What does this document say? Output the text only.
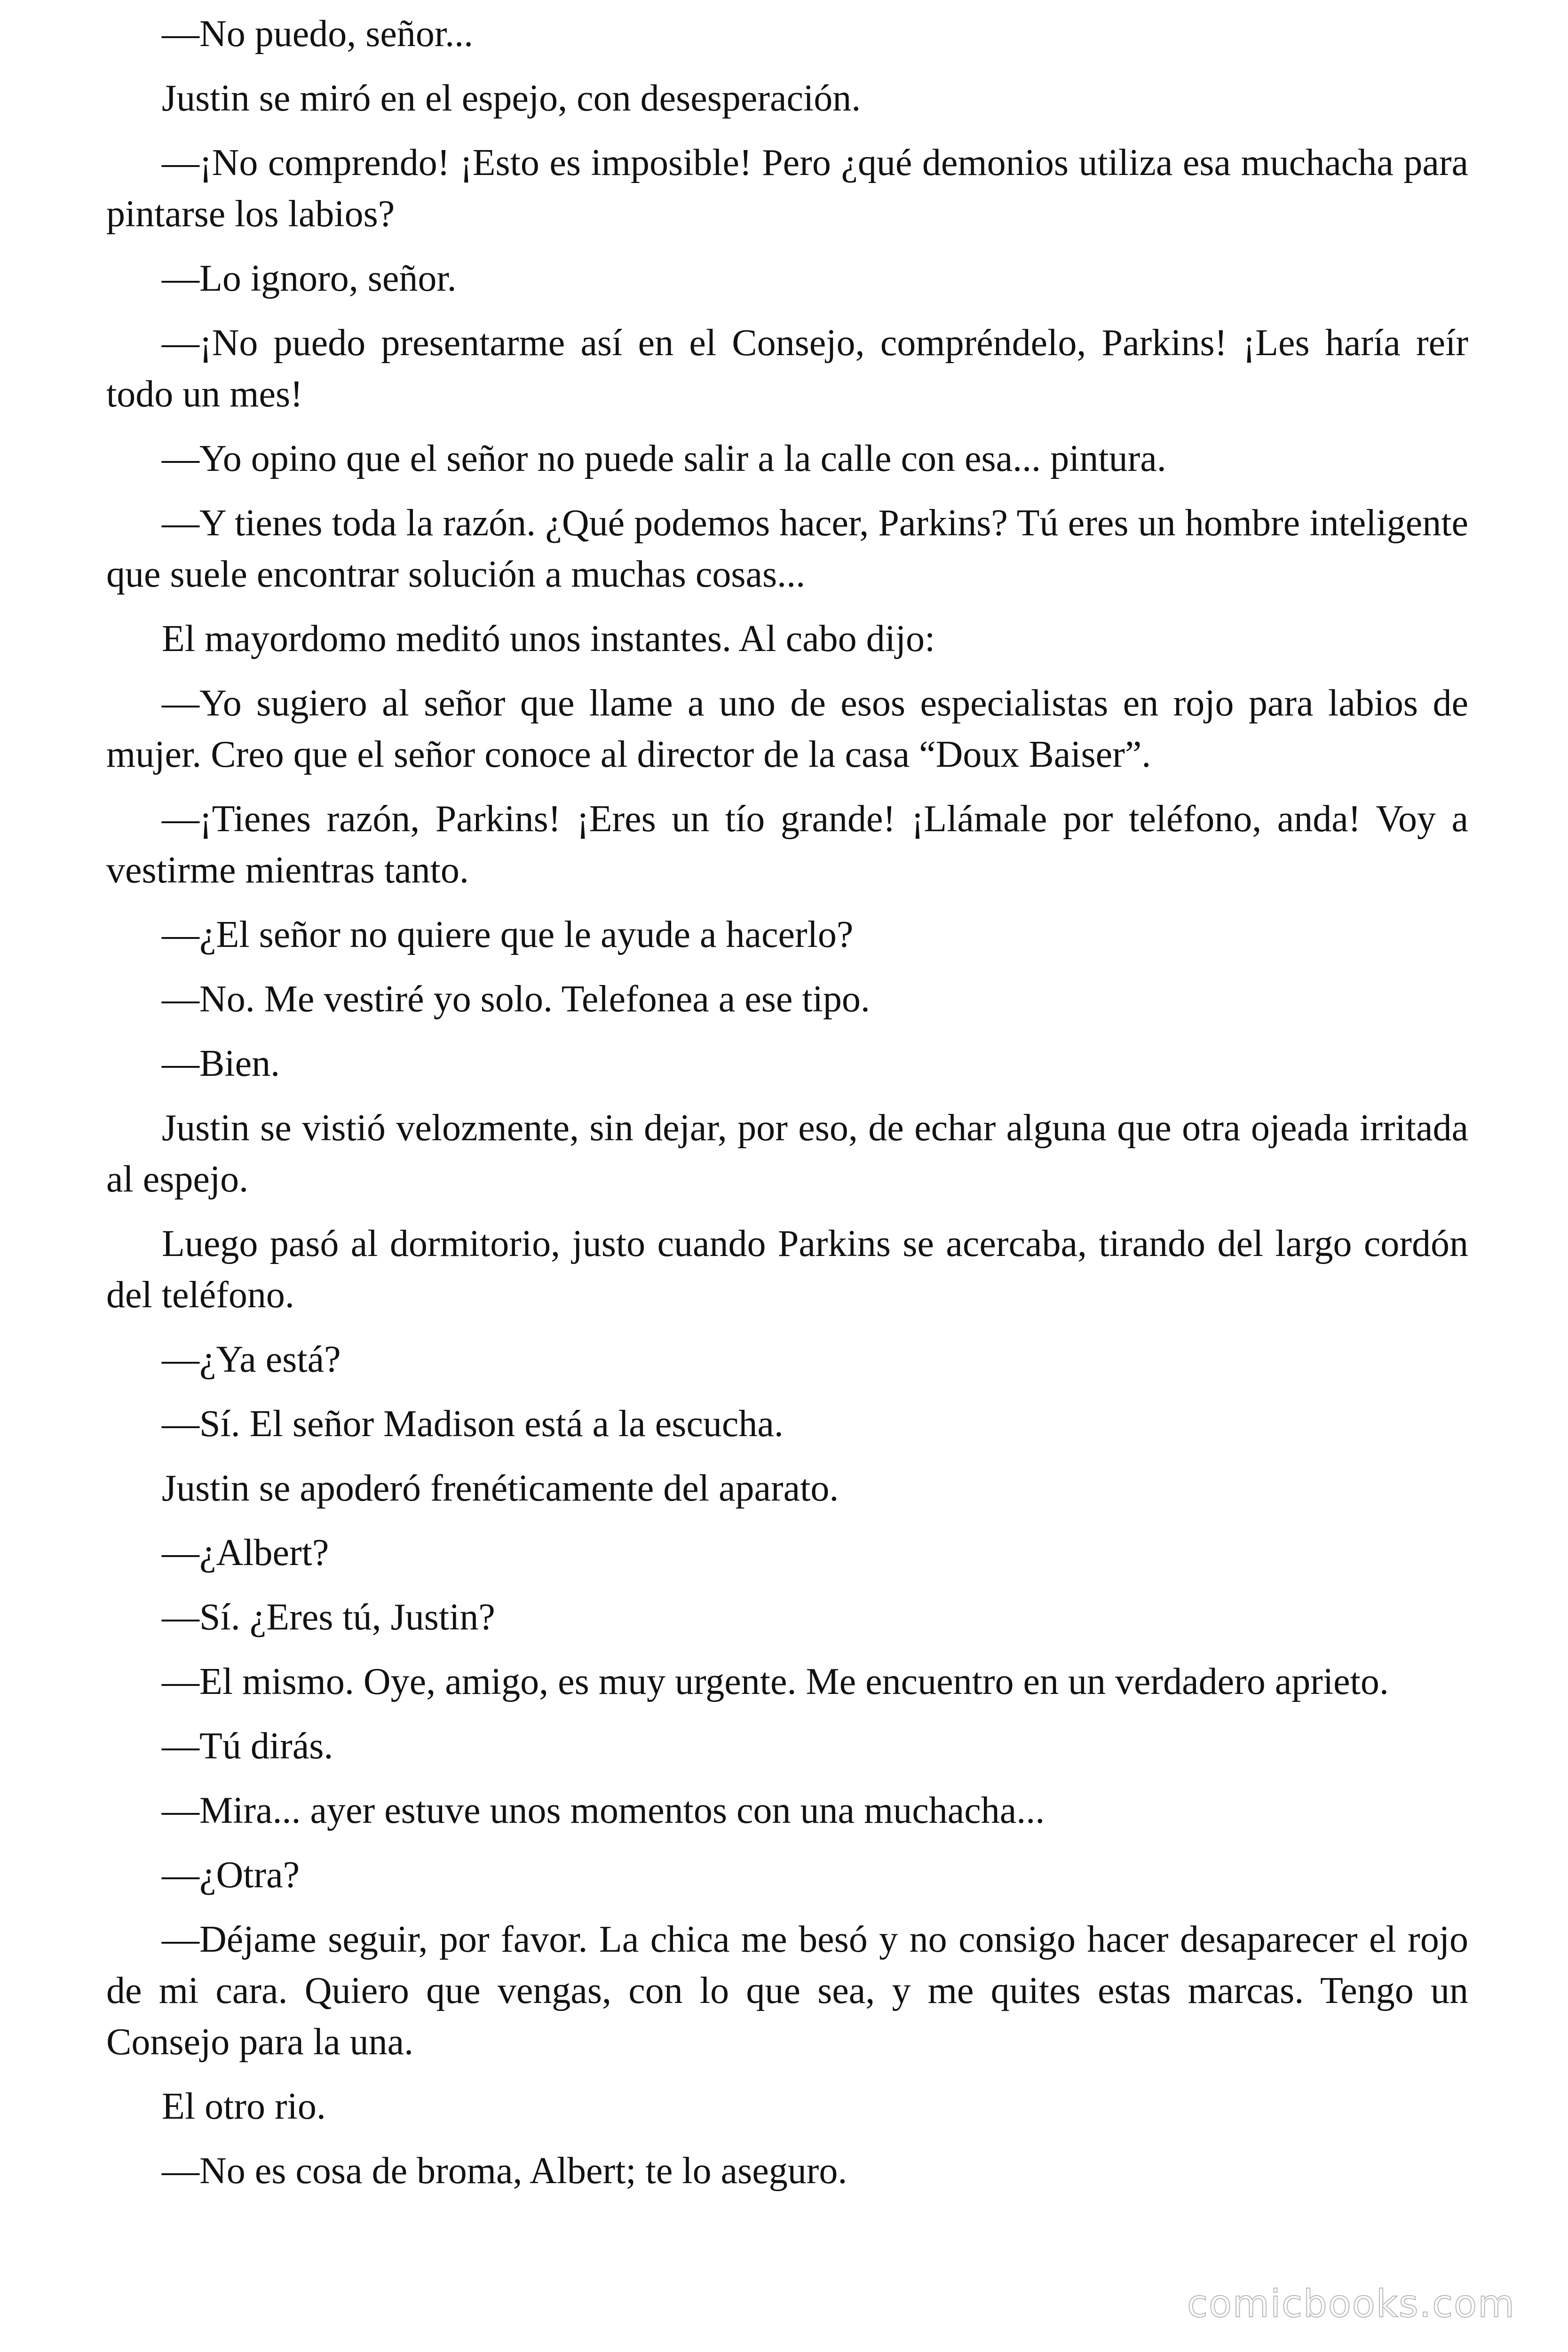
—No puedo, señor...

Justin se miró en el espejo, con desesperación.

—¡No comprendo! ¡Esto es imposible! Pero ¿qué demonios utiliza esa muchacha para pintarse los labios?

—Lo ignoro, señor.

—¡No puedo presentarme así en el Consejo, compréndelo, Parkins! ¡Les haría reír todo un mes!

—Yo opino que el señor no puede salir a la calle con esa... pintura.

—Y tienes toda la razón. ¿Qué podemos hacer, Parkins? Tú eres un hombre inteligente que suele encontrar solución a muchas cosas...

El mayordomo meditó unos instantes. Al cabo dijo:

—Yo sugiero al señor que llame a uno de esos especialistas en rojo para labios de mujer. Creo que el señor conoce al director de la casa “Doux Baiser”.

—¡Tienes razón, Parkins! ¡Eres un tío grande! ¡Llámale por teléfono, anda! Voy a vestirme mientras tanto.

—¿El señor no quiere que le ayude a hacerlo?

—No. Me vestiré yo solo. Telefonea a ese tipo.

—Bien.

Justin se vistió velozmente, sin dejar, por eso, de echar alguna que otra ojeada irritada al espejo.

Luego pasó al dormitorio, justo cuando Parkins se acercaba, tirando del largo cordón del teléfono.

—¿Ya está?

—Sí. El señor Madison está a la escucha.

Justin se apoderó frenéticamente del aparato.

—¿Albert?

—Sí. ¿Eres tú, Justin?

—El mismo. Oye, amigo, es muy urgente. Me encuentro en un verdadero aprieto.

—Tú dirás.

—Mira... ayer estuve unos momentos con una muchacha...

—¿Otra?

—Déjame seguir, por favor. La chica me besó y no consigo hacer desaparecer el rojo de mi cara. Quiero que vengas, con lo que sea, y me quites estas marcas. Tengo un Consejo para la una.

El otro rio.

—No es cosa de broma, Albert; te lo aseguro.

comicbooks.com
